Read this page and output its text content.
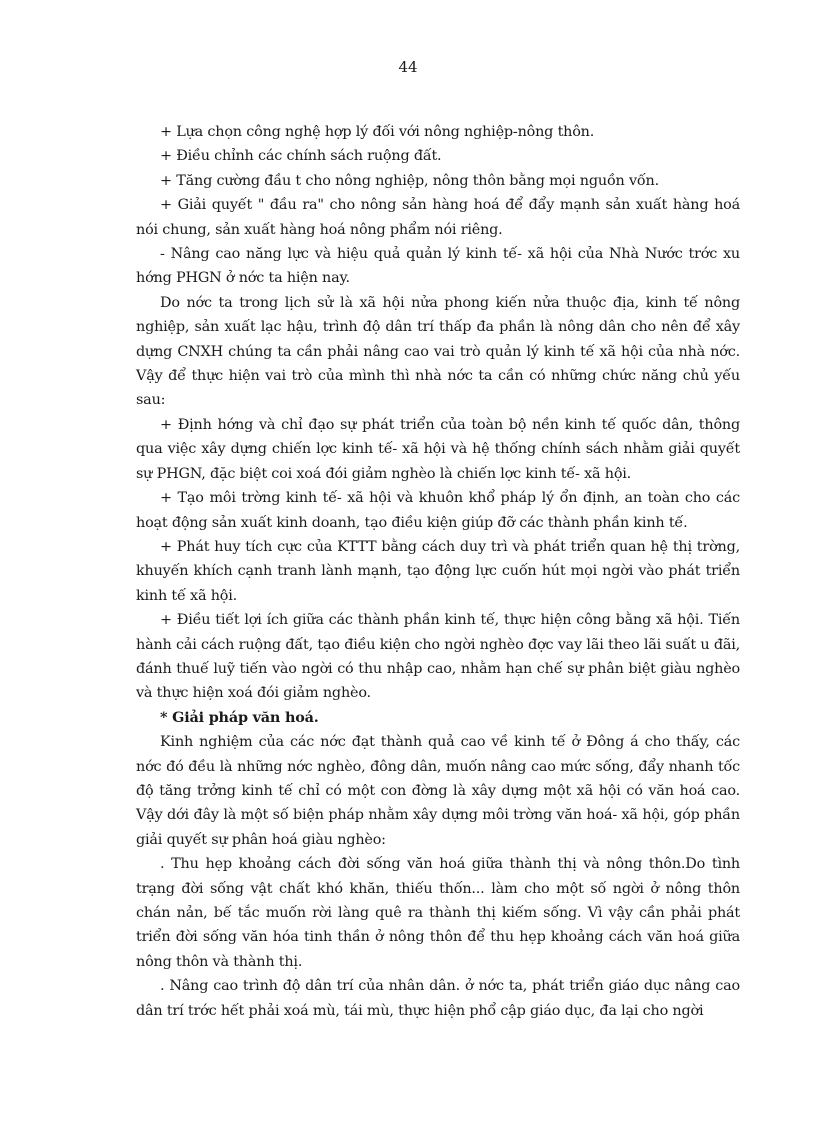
44

+ Lựa chọn công nghệ hợp lý đối với nông nghiệp-nông thôn.

+ Điều chỉnh các chính sách ruộng đất.

+ Tăng cường đầu t cho nông nghiệp, nông thôn bằng mọi nguồn vốn.

+ Giải quyết " đầu ra" cho nông sản hàng hoá để đẩy mạnh sản xuất hàng hoá nói chung, sản xuất hàng hoá nông phẩm nói riêng.

- Nâng cao năng lực và hiệu quả quản lý kinh tế- xã hội của Nhà Nước trớc xu hớng PHGN ở nớc ta hiện nay.

Do nớc ta trong lịch sử là xã hội nửa phong kiến nửa thuộc địa, kinh tế nông nghiệp, sản xuất lạc hậu, trình độ dân trí thấp đa phần là nông dân cho nên để xây dựng CNXH chúng ta cần phải nâng cao vai trò quản lý kinh tế xã hội của nhà nớc. Vậy để thực hiện vai trò của mình thì nhà nớc ta cần có những chức năng chủ yếu sau:

+ Định hớng và chỉ đạo sự phát triển của toàn bộ nền kinh tế quốc dân, thông qua việc xây dựng chiến lợc kinh tế- xã hội và hệ thống chính sách nhằm giải quyết sự PHGN, đặc biệt coi xoá đói giảm nghèo là chiến lợc kinh tế- xã hội.

+ Tạo môi trờng kinh tế- xã hội và khuôn khổ pháp lý ổn định, an toàn cho các hoạt động sản xuất kinh doanh, tạo điều kiện giúp đỡ các thành phần kinh tế.

+ Phát huy tích cực của KTTT bằng cách duy trì và phát triển quan hệ thị trờng, khuyến khích cạnh tranh lành mạnh, tạo động lực cuốn hút mọi ngời vào phát triển kinh tế xã hội.

+ Điều tiết lợi ích giữa các thành phần kinh tế, thực hiện công bằng xã hội. Tiến hành cải cách ruộng đất, tạo điều kiện cho ngời nghèo đợc vay lãi theo lãi suất u đãi, đánh thuế luỹ tiến vào ngời có thu nhập cao, nhằm hạn chế sự phân biệt giàu nghèo và thực hiện xoá đói giảm nghèo.

* Giải pháp văn hoá.

Kinh nghiệm của các nớc đạt thành quả cao về kinh tế ở Đông á cho thấy, các nớc đó đều là những nớc nghèo, đông dân, muốn nâng cao mức sống, đẩy nhanh tốc độ tăng trởng kinh tế chỉ có một con đờng là xây dựng một xã hội có văn hoá cao. Vậy dới đây là một số biện pháp nhằm xây dựng môi trờng văn hoá- xã hội, góp phần giải quyết sự phân hoá giàu nghèo:

. Thu hẹp khoảng cách đời sống văn hoá giữa thành thị và nông thôn.Do tình trạng đời sống vật chất khó khăn, thiếu thốn... làm cho một số ngời ở nông thôn chán nản, bế tắc muốn rời làng quê ra thành thị kiếm sống. Vì vậy cần phải phát triển đời sống văn hóa tinh thần ở nông thôn để thu hẹp khoảng cách văn hoá giữa nông thôn và thành thị.

. Nâng cao trình độ dân trí của nhân dân. ở nớc ta, phát triển giáo dục nâng cao dân trí trớc hết phải xoá mù, tái mù, thực hiện phổ cập giáo dục, đa lại cho ngời
